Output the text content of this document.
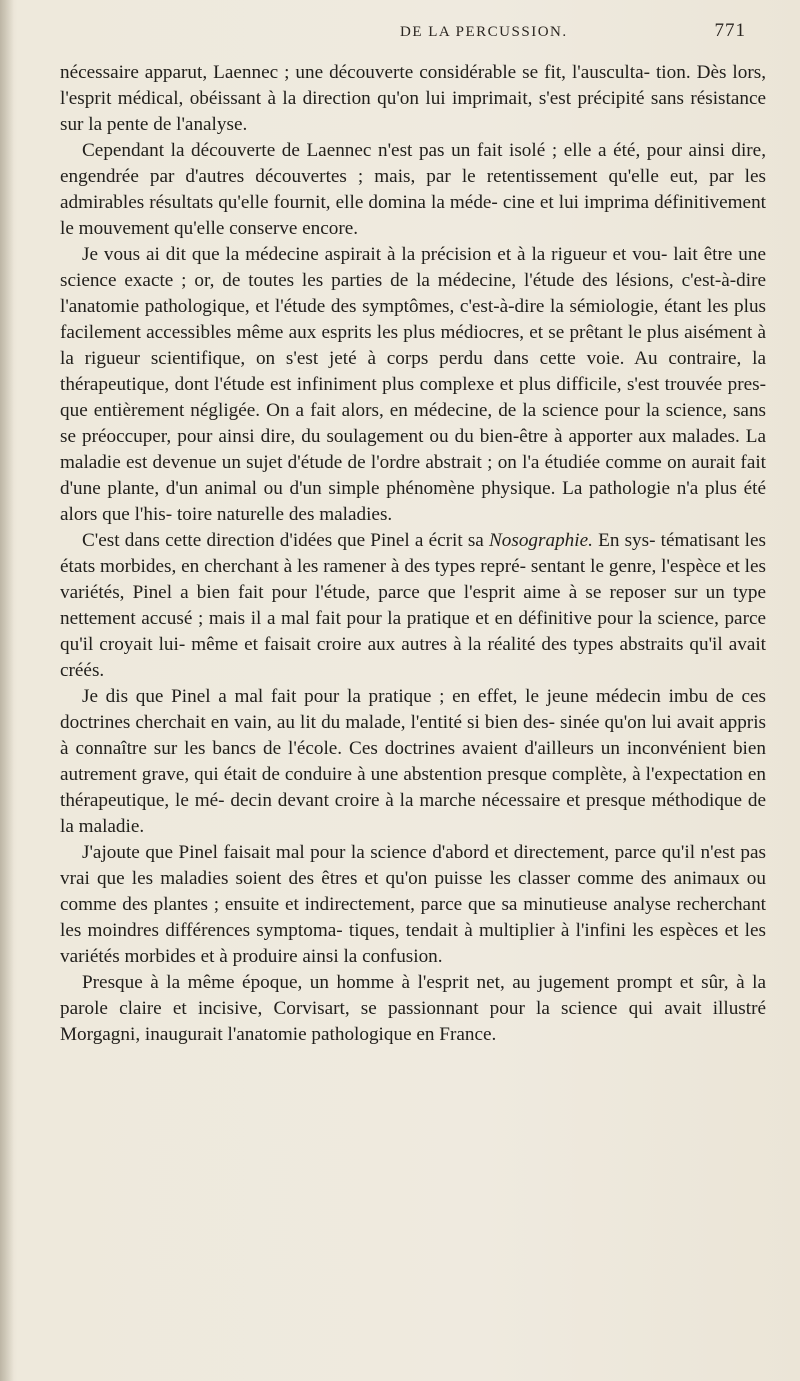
DE LA PERCUSSION.	771

nécessaire apparut, Laennec ; une découverte considérable se fit, l'ausculta- tion. Dès lors, l'esprit médical, obéissant à la direction qu'on lui imprimait, s'est précipité sans résistance sur la pente de l'analyse.

Cependant la découverte de Laennec n'est pas un fait isolé ; elle a été, pour ainsi dire, engendrée par d'autres découvertes ; mais, par le retentissement qu'elle eut, par les admirables résultats qu'elle fournit, elle domina la méde- cine et lui imprima définitivement le mouvement qu'elle conserve encore.

Je vous ai dit que la médecine aspirait à la précision et à la rigueur et vou- lait être une science exacte ; or, de toutes les parties de la médecine, l'étude des lésions, c'est-à-dire l'anatomie pathologique, et l'étude des symptômes, c'est-à-dire la sémiologie, étant les plus facilement accessibles même aux esprits les plus médiocres, et se prêtant le plus aisément à la rigueur scientifique, on s'est jeté à corps perdu dans cette voie. Au contraire, la thérapeutique, dont l'étude est infiniment plus complexe et plus difficile, s'est trouvée pres- que entièrement négligée. On a fait alors, en médecine, de la science pour la science, sans se préoccuper, pour ainsi dire, du soulagement ou du bien-être à apporter aux malades. La maladie est devenue un sujet d'étude de l'ordre abstrait ; on l'a étudiée comme on aurait fait d'une plante, d'un animal ou d'un simple phénomène physique. La pathologie n'a plus été alors que l'his- toire naturelle des maladies.

C'est dans cette direction d'idées que Pinel a écrit sa Nosographie. En sys- tématisant les états morbides, en cherchant à les ramener à des types repré- sentant le genre, l'espèce et les variétés, Pinel a bien fait pour l'étude, parce que l'esprit aime à se reposer sur un type nettement accusé ; mais il a mal fait pour la pratique et en définitive pour la science, parce qu'il croyait lui- même et faisait croire aux autres à la réalité des types abstraits qu'il avait créés.

Je dis que Pinel a mal fait pour la pratique ; en effet, le jeune médecin imbu de ces doctrines cherchait en vain, au lit du malade, l'entité si bien des- sinée qu'on lui avait appris à connaître sur les bancs de l'école. Ces doctrines avaient d'ailleurs un inconvénient bien autrement grave, qui était de conduire à une abstention presque complète, à l'expectation en thérapeutique, le mé- decin devant croire à la marche nécessaire et presque méthodique de la maladie.

J'ajoute que Pinel faisait mal pour la science d'abord et directement, parce qu'il n'est pas vrai que les maladies soient des êtres et qu'on puisse les classer comme des animaux ou comme des plantes ; ensuite et indirectement, parce que sa minutieuse analyse recherchant les moindres différences symptoma- tiques, tendait à multiplier à l'infini les espèces et les variétés morbides et à produire ainsi la confusion.

Presque à la même époque, un homme à l'esprit net, au jugement prompt et sûr, à la parole claire et incisive, Corvisart, se passionnant pour la science qui avait illustré Morgagni, inaugurait l'anatomie pathologique en France.
